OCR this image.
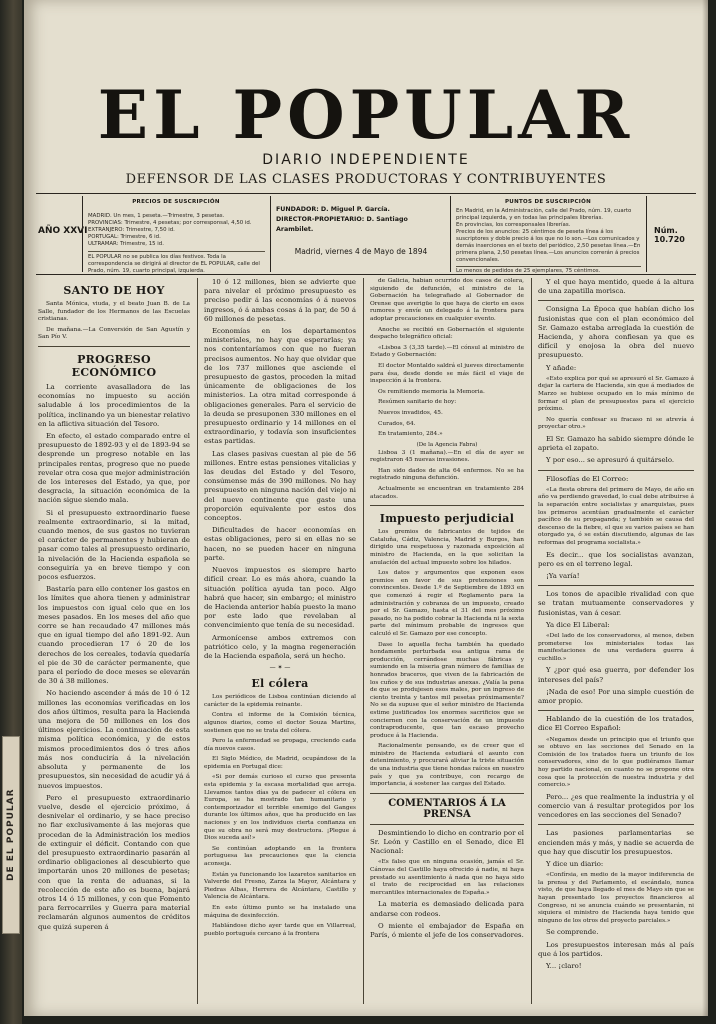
DE EL POPULAR
EL POPULAR
DIARIO INDEPENDIENTE
DEFENSOR DE LAS CLASES PRODUCTORAS Y CONTRIBUYENTES
AÑO XXVI
PRECIOS DE SUSCRIPCIÓN
MADRID. Un mes, 1 peseta.—Trimestre, 3 pesetas.
PROVINCIAS: Trimestre, 4 pesetas; por corresponsal, 4,50 id.
EXTRANJERO: Trimestre, 7,50 id.
PORTUGAL: Trimestre, 6 id.
ULTRAMAR: Trimestre, 15 id.
EL POPULAR no se publica los días festivos. Toda la correspondencia se dirigirá al director de EL POPULAR, calle del Prado, núm. 19, cuarto principal, izquierda.
FUNDADOR: D. Miguel P. García.
DIRECTOR-PROPIETARIO: D. Santiago Arambilet.
Madrid, viernes 4 de Mayo de 1894
PUNTOS DE SUSCRIPCIÓN
En Madrid, en la Administración, calle del Prado, núm. 19, cuarto principal izquierda, y en todas las principales librerías.
En provincias, los corresponsales librerías.
Precios de los anuncios: 25 céntimos de peseta línea á los suscriptores y doble precio á los que no lo son.—Los comunicados y demás inserciones en el texto del periódico, 2,50 pesetas línea.—En primera plana, 2,50 pesetas línea.—Los anuncios correrán á precios convencionales.
Lo menos de pedidos de 25 ejemplares, 75 céntimos.
Núm. 10.720
SANTO DE HOY

Santa Mónica, viuda, y el beato Juan B. de La Salle, fundador de los Hermanos de las Escuelas cristianas.

De mañana.—La Conversión de San Agustín y San Pío V.

PROGRESO ECONÓMICO

La corriente avasalladora de las economías no impuesto su acción saludable á los procedimientos de la política, inclinando ya un bienestar relativo en la aflictiva situación del Tesoro.

En efecto, el estado comparado entre el presupuesto de 1892-93 y el de 1893-94 se desprende un progreso notable en las principales rentas, progreso que no puede revelar otra cosa que mejor administración de los intereses del Estado, ya que, por desgracia, la situación económica de la nación sigue siendo mala.

Si el presupuesto extraordinario fuese realmente extraordinario, si la mitad, cuando menos, de sus gastos no tuvieran el carácter de permanentes y hubieran de pasar como tales al presupuesto ordinario, la nivelación de la Hacienda española se conseguiría ya en breve tiempo y con pocos esfuerzos.

Bastaría para ello contener los gastos en los límites que ahora tienen y administrar los impuestos con igual celo que en los meses pasados. En los meses del año que corre se han recaudado 47 millones más que en igual tiempo del año 1891-92. Aun cuando procedieran 17 ó 20 de los derechos de los cereales, todavía quedaría el pie de 30 de carácter permanente, que para el período de doce meses se elevarán de 30 á 38 millones.

No haciendo ascender á más de 10 ó 12 millones las economías verificadas en los dos años últimos, resulta para la Hacienda una mejora de 50 millones en los dos últimos ejercicios. La continuación de esta misma política económica, y de estos mismos procedimientos dos ó tres años más nos conduciría á la nivelación absoluta y permanente de los presupuestos, sin necesidad de acudir yá á nuevos impuestos.

Pero el presupuesto extraordinario vuelve, desde el ejercicio próximo, á desnivelar el ordinario, y se hace preciso no fiar exclusivamente á las mejoras que procedan de la Administración los medios de extinguir el déficit. Contando con que del presupuesto extraordinario pasarán al ordinario obligaciones al descubierto que importarán unos 20 millones de pesetas; con que la renta de aduanas, si la recolección de este año es buena, bajará otros 14 ó 15 millones, y con que Fomento para ferrocarriles y Guerra para material reclamarán algunos aumentos de créditos que quizá superen á

10 ó 12 millones, bien se advierte que para nivelar el próximo presupuesto es preciso pedir á las economías ó á nuevos ingresos, ó á ambas cosas á la par, de 50 á 60 millones de pesetas.

Economías en los departamentos ministeriales, no hay que esperarlas; ya nos contentaríamos con que no fueran precisos aumentos. No hay que olvidar que de los 737 millones que asciende el presupuesto de gastos, proceden la mitad únicamente de obligaciones de los ministerios. La otra mitad corresponde á obligaciones generales. Para el servicio de la deuda se presuponen 330 millones en el presupuesto ordinario y 14 millones en el extraordinario, y todavía son insuficientes estas partidas.

Las clases pasivas cuestan al pie de 56 millones. Entre estas pensiones vitalicias y las deudas del Estado y del Tesoro, consúmense más de 390 millones. No hay presupuesto en ninguna nación del viejo ni del nuevo continente que gaste una proporción equivalente por estos dos conceptos.

Dificultades de hacer economías en estas obligaciones, pero si en ellas no se hacen, no se pueden hacer en ninguna parte.

Nuevos impuestos es siempre harto difícil crear. Lo es más ahora, cuando la situación política ayuda tan poco. Algo habrá que hacer, sin embargo; el ministro de Hacienda anterior había puesto la mano por este lado que revelaban al convencimiento que tenía de su necesidad.

Armonícense ambos extremos con patriótico celo, y la magna regeneración de la Hacienda española, será un hecho.

— ✶ —
El cólera

Los periódicos de Lisboa continúan diciendo al carácter de la epidemia reinante.

Contra el informe de la Comisión técnica, algunos diarios, como el doctor Souza Martins, sostienen que no se trata del cólera.

Pero la enfermedad se propaga, creciendo cada día nuevos casos.

El Siglo Médico, de Madrid, ocupándose de la epidemia en Portugal dice:

«Si por demás curioso el curso que presenta esta epidemia y la escasa mortalidad que arroja. Llevamos tantos días ya de padecer el cólera en Europa, se ha mostrado tan humanitario y contemporizador el terrible enemigo del Ganges durante los últimos años, que ha producido en las naciones y en los individuos cierta confianza en que su obra no será muy destructora. ¡Plegue á Dios suceda así!»

Se continúan adoptando en la frontera portuguesa las precauciones que la ciencia aconseja.

Están ya funcionando los lazaretos sanitarios en Valverde del Fresno, Zarza la Mayor, Alcántara y Piedras Albas, Herrera de Alcántara, Castillo y Valencia de Alcántara.

En este último punto se ha instalado una máquina de desinfección.

Hablándose dicho ayer tarde que en Villarreal, pueblo portugués cercano á la frontera

de Galicia, habían ocurrido dos casos de cólera, siguiendo de defunción, el ministro de la Gobernación ha telegrafiado al Gobernador de Orense que averigüe lo que haya de cierto en esos rumores y envíe un delegado á la frontera para adoptar precauciones en cualquier evento.

Anoche se recibió en Gobernación el siguiente despacho telegráfico oficial:

«Lisboa 3 (3,35 tarde).—El cónsul al ministro de Estado y Gobernación:

El doctor Montaldo saldrá el jueves directamente para ésa, desde donde se más fácil el viaje de inspección á la frontera.

Os remitiendo memoria la Memoria.

Resúmen sanitario de hoy:

Nuevos invadidos, 45.

Curados, 64.

En tratamiento, 284.»

(De la Agencia Fabra)

Lisboa 3 (1 mañana).—En el día de ayer se registraron 45 nuevas invasiones.

Han sido dados de alta 64 enfermos. No se ha registrado ninguna defunción.

Actualmente se encuentran en tratamiento 284 atacados.

Impuesto perjudicial

Los gremios de fabricantes de tejidos de Cataluña, Cádiz, Valencia, Madrid y Burgos, han dirigido una respetuosa y razonada exposición al ministro de Hacienda, en la que solicitan la anulación del actual impuesto sobre los hilados.

Los datos y argumentos que exponen esos gremios en favor de sus pretensiones son convincentes. Desde 1.º de Septiembre de 1893 en que comenzó á regir el Reglamento para la administración y cobranza de un impuesto, creado por el Sr. Gamazo, hasta el 31 del mes próximo pasado, no ha podido cobrar la Hacienda ni la sexta parte del mínimum probable de ingresos que calculó el Sr. Gamazo por ese concepto.

Dase lo aquella fecha también ha quedado hondamente perturbada esa antigua rama de producción, cerrándose muchas fábricas y sumiendo en la miseria gran número de familias de honrados braceros, que viven de la fabricación de los cuños y de sus industrias anexas. ¿Valía la pena de que se produjesen esos males, por un ingreso de ciento treinta y tantos mil pesetas próximamente? No se da supuse que el señor ministro de Hacienda estime justificados los enormes sacrificios que se conciernen con la conservación de un impuesto contraproducente, que tan escaso provecho produce á la Hacienda.

Racionalmente pensando, es de creer que el ministro de Hacienda estudiará el asunto con detenimiento, y procurará aliviar la triste situación de una industria que tiene hondas raíces en nuestro país y que ya contribuye, con recargo de importancia, á sostener las cargas del Estado.

COMENTARIOS Á LA PRENSA

Desmintiendo lo dicho en contrario por el Sr. León y Castillo en el Senado, dice El Nacional:

«Es falso que en ninguna ocasión, jamás el Sr. Cánovas del Castillo haya ofrecido á nadie, ni haya prestado su asentimiento á nada que no haya sido el trato de reciprocidad en las relaciones mercantiles internacionales de España.»

La materia es demasiado delicada para andarse con rodeos.

O miente el embajador de España en París, ó miente el jefe de los conservadores.

Y el que haya mentido, quede á la altura de una zapatilla morisca.

Consigna La Época que habían dicho los fusionistas que con el plan económico del Sr. Gamazo estaba arreglada la cuestión de Hacienda, y ahora confiesan ya que es difícil y enojosa la obra del nuevo presupuesto.

Y añade:

«Esto explica por qué se apresuró el Sr. Gamazo á dejar la cartera de Hacienda, sin que á mediados de Marzo se hubiese ocupado en lo más mínimo de formar el plan de presupuestos para el ejercicio próximo.

No quería confesar su fracaso ni se atrevía á proyectar otro.»

El Sr. Gamazo ha sabido siempre dónde le aprieta el zapato.

Y por eso... se apresuró á quitárselo.

Filosofías de El Correo:

«La fiesta obrera del primero de Mayo, de año en año va perdiendo gravedad, lo cual debe atribuirse á la separación entre socialistas y anarquistas, pues los primeros acentúan gradualmente el carácter pacífico de su propaganda; y también se causa del descenso de la fiebre, el que su varios países se han otorgado ya, ó se están discutiendo, algunas de las reformas del programa socialista.»

Es decir... que los socialistas avanzan, pero es en el terreno legal.

¡Ya varía!

Los tonos de apacible rivalidad con que se tratan mutuamente conservadores y fusionistas, van á cesar.

Ya dice El Liberal:

«Del lado de los conservadores, al menos, deben prometerse los ministeriales todas las manifestaciones de una verdadera guerra á cuchillo.»

Y ¿por qué esa guerra, por defender los intereses del país?

¡Nada de eso! Por una simple cuestión de amor propio.

Hablando de la cuestión de los tratados, dice El Correo Español:

«Negamos desde un principio que el triunfo que se obtuvo en las secciones del Senado en la Comisión de los tratados fuera un triunfo de los conservadores, sino de lo que pudiéramos llamar hoy partido nacional, en cuanto no se propone otra cosa que la protección de nuestra industria y del comercio.»

Pero... ¿es que realmente la industria y el comercio van á resultar protegidos por los vencedores en las secciones del Senado?

Las pasiones parlamentarias se encienden más y más, y nadie se acuerda de que hay que discutir los presupuestos.

Y dice un diario:

«Confírsia, en medio de la mayor indiferencia de la prensa y del Parlamento, el escándalo, nunca visto, de que haya llegado el mes de Mayo sin que se hayan presentado los proyectos financieros al Congreso, ni se anuncia cuándo se presentarán, ni siquiera el ministro de Hacienda haya tenido que ninguno de los otros del proyecto parciales.»

Se comprende.

Los presupuestos interesan más al país que á los partidos.

Y... ¡claro!
